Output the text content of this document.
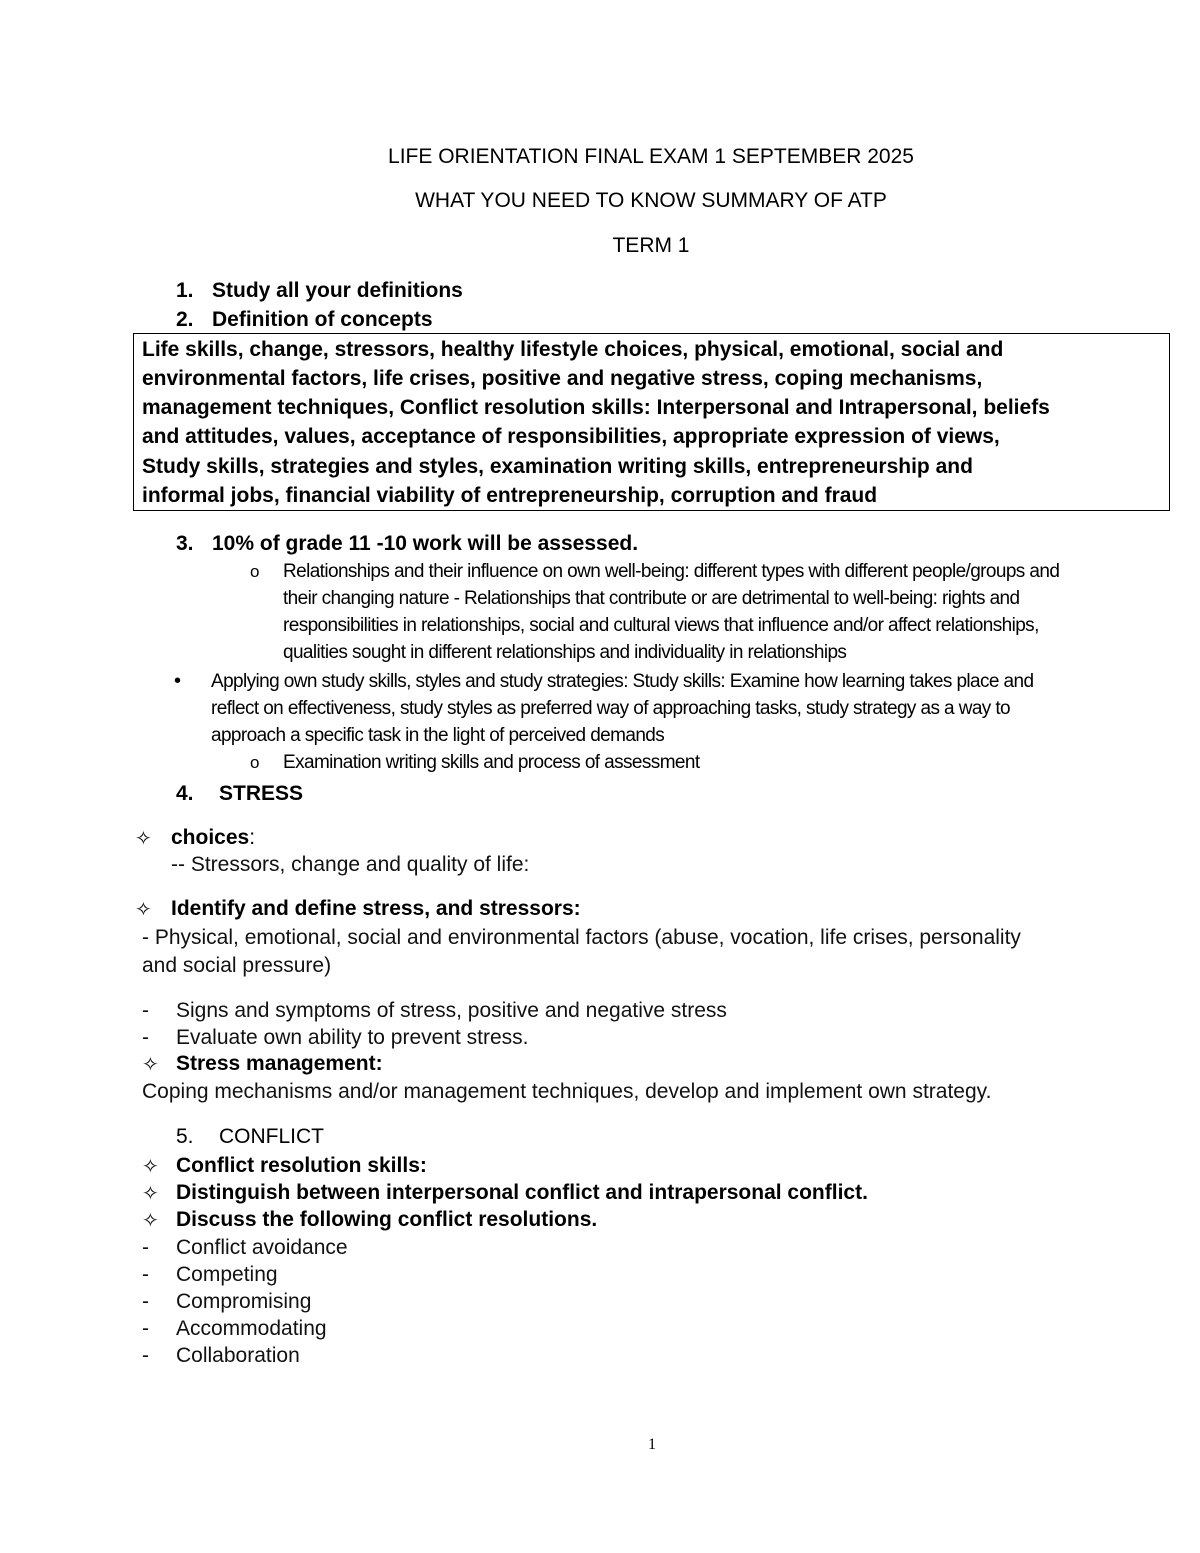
LIFE ORIENTATION FINAL EXAM 1 SEPTEMBER 2025
WHAT YOU NEED TO KNOW SUMMARY OF ATP
TERM 1
1. Study all your definitions
2. Definition of concepts
Life skills, change, stressors, healthy lifestyle choices, physical, emotional, social and
environmental factors, life crises, positive and negative stress, coping mechanisms,
management techniques, Conflict resolution skills: Interpersonal and Intrapersonal, beliefs
and attitudes, values, acceptance of responsibilities, appropriate expression of views,
Study skills, strategies and styles, examination writing skills, entrepreneurship and
informal jobs, financial viability of entrepreneurship, corruption and fraud
3. 10% of grade 11 -10 work will be assessed.
o Relationships and their influence on own well-being: different types with different people/groups and
their changing nature - Relationships that contribute or are detrimental to well-being: rights and
responsibilities in relationships, social and cultural views that influence and/or affect relationships,
qualities sought in different relationships and individuality in relationships
• Applying own study skills, styles and study strategies: Study skills: Examine how learning takes place and
reflect on effectiveness, study styles as preferred way of approaching tasks, study strategy as a way to
approach a specific task in the light of perceived demands
o Examination writing skills and process of assessment
4. STRESS
✧ choices:
-- Stressors, change and quality of life:
✧ Identify and define stress, and stressors:
- Physical, emotional, social and environmental factors (abuse, vocation, life crises, personality
and social pressure)
- Signs and symptoms of stress, positive and negative stress
- Evaluate own ability to prevent stress.
✧ Stress management:
Coping mechanisms and/or management techniques, develop and implement own strategy.
5. CONFLICT
✧ Conflict resolution skills:
✧ Distinguish between interpersonal conflict and intrapersonal conflict.
✧ Discuss the following conflict resolutions.
- Conflict avoidance
- Competing
- Compromising
- Accommodating
- Collaboration
1
